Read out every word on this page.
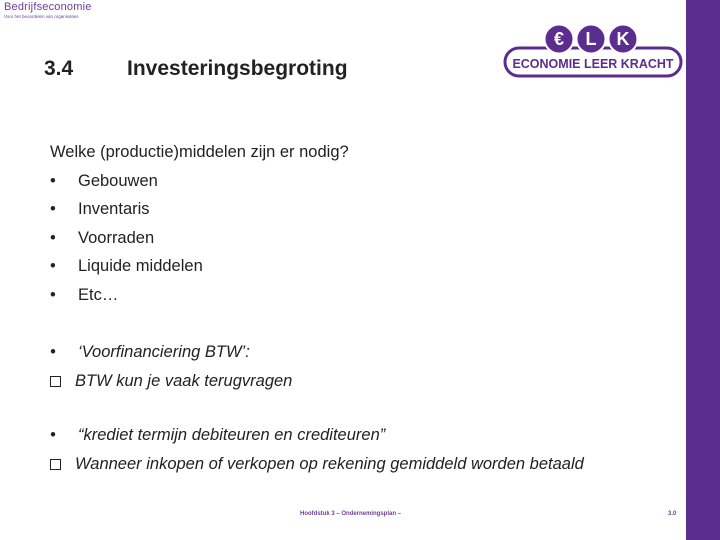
Bedrijfseconomie
Voor het beoordelen van organisaties
3.4	Investeringsbegroting
€ L K
ECONOMIE LEER KRACHT
Welke (productie)middelen zijn er nodig?
• Gebouwen
• Inventaris
• Voorraden
• Liquide middelen
• Etc…
• ‘Voorfinanciering BTW’:
BTW kun je vaak terugvragen
• “krediet termijn debiteuren en crediteuren”
Wanneer inkopen of verkopen op rekening gemiddeld worden betaald
Hoofdstuk 3 – Ondernemingsplan –	3.0
